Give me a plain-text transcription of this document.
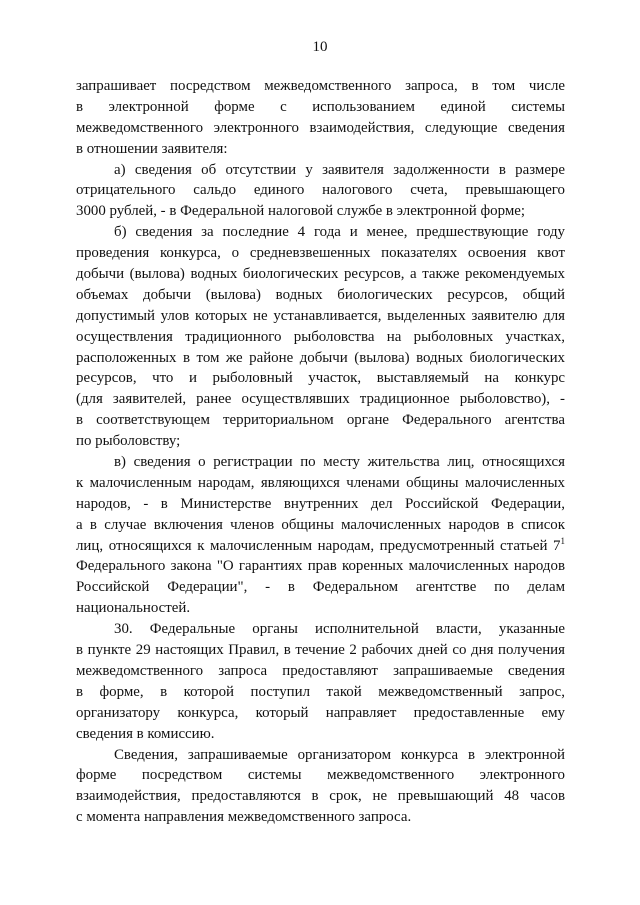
10
запрашивает посредством межведомственного запроса, в том числе
в электронной форме с использованием единой системы
межведомственного электронного взаимодействия, следующие сведения
в отношении заявителя:
а) сведения об отсутствии у заявителя задолженности в размере
отрицательного сальдо единого налогового счета, превышающего
3000 рублей, - в Федеральной налоговой службе в электронной форме;
б) сведения за последние 4 года и менее, предшествующие году
проведения конкурса, о средневзвешенных показателях освоения квот
добычи (вылова) водных биологических ресурсов, а также рекомендуемых
объемах добычи (вылова) водных биологических ресурсов, общий
допустимый улов которых не устанавливается, выделенных заявителю для
осуществления традиционного рыболовства на рыболовных участках,
расположенных в том же районе добычи (вылова) водных биологических
ресурсов, что и рыболовный участок, выставляемый на конкурс
(для заявителей, ранее осуществлявших традиционное рыболовство), -
в соответствующем территориальном органе Федерального агентства
по рыболовству;
в) сведения о регистрации по месту жительства лиц, относящихся
к малочисленным народам, являющихся членами общины малочисленных
народов, - в Министерстве внутренних дел Российской Федерации,
а в случае включения членов общины малочисленных народов в список
лиц, относящихся к малочисленным народам, предусмотренный статьей $7^1$
Федерального закона "О гарантиях прав коренных малочисленных народов
Российской Федерации", - в Федеральном агентстве по делам
национальностей.
30. Федеральные органы исполнительной власти, указанные
в пункте 29 настоящих Правил, в течение 2 рабочих дней со дня получения
межведомственного запроса предоставляют запрашиваемые сведения
в форме, в которой поступил такой межведомственный запрос,
организатору конкурса, который направляет предоставленные ему
сведения в комиссию.
Сведения, запрашиваемые организатором конкурса в электронной
форме посредством системы межведомственного электронного
взаимодействия, предоставляются в срок, не превышающий 48 часов
с момента направления межведомственного запроса.
